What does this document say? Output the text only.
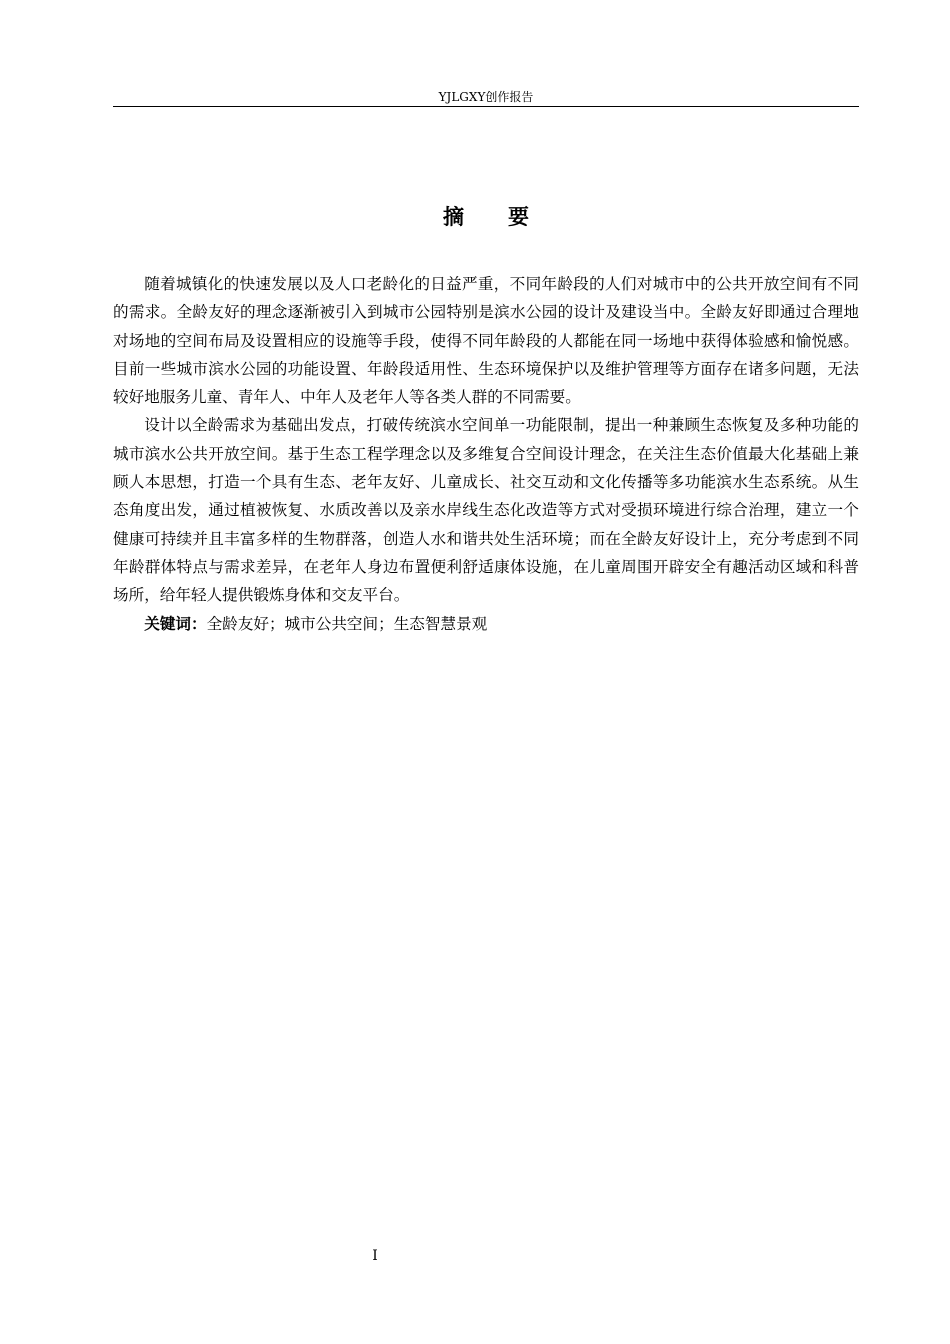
YJLGXY创作报告
摘要

随着城镇化的快速发展以及人口老龄化的日益严重，不同年龄段的人们对城市中的公共开放空间有不同的需求。全龄友好的理念逐渐被引入到城市公园特别是滨水公园的设计及建设当中。全龄友好即通过合理地对场地的空间布局及设置相应的设施等手段，使得不同年龄段的人都能在同一场地中获得体验感和愉悦感。目前一些城市滨水公园的功能设置、年龄段适用性、生态环境保护以及维护管理等方面存在诸多问题，无法较好地服务儿童、青年人、中年人及老年人等各类人群的不同需要。

设计以全龄需求为基础出发点，打破传统滨水空间单一功能限制，提出一种兼顾生态恢复及多种功能的城市滨水公共开放空间。基于生态工程学理念以及多维复合空间设计理念，在关注生态价值最大化基础上兼顾人本思想，打造一个具有生态、老年友好、儿童成长、社交互动和文化传播等多功能滨水生态系统。从生态角度出发，通过植被恢复、水质改善以及亲水岸线生态化改造等方式对受损环境进行综合治理，建立一个健康可持续并且丰富多样的生物群落，创造人水和谐共处生活环境；而在全龄友好设计上，充分考虑到不同年龄群体特点与需求差异，在老年人身边布置便利舒适康体设施，在儿童周围开辟安全有趣活动区域和科普场所，给年轻人提供锻炼身体和交友平台。

关键词：全龄友好；城市公共空间；生态智慧景观

I
